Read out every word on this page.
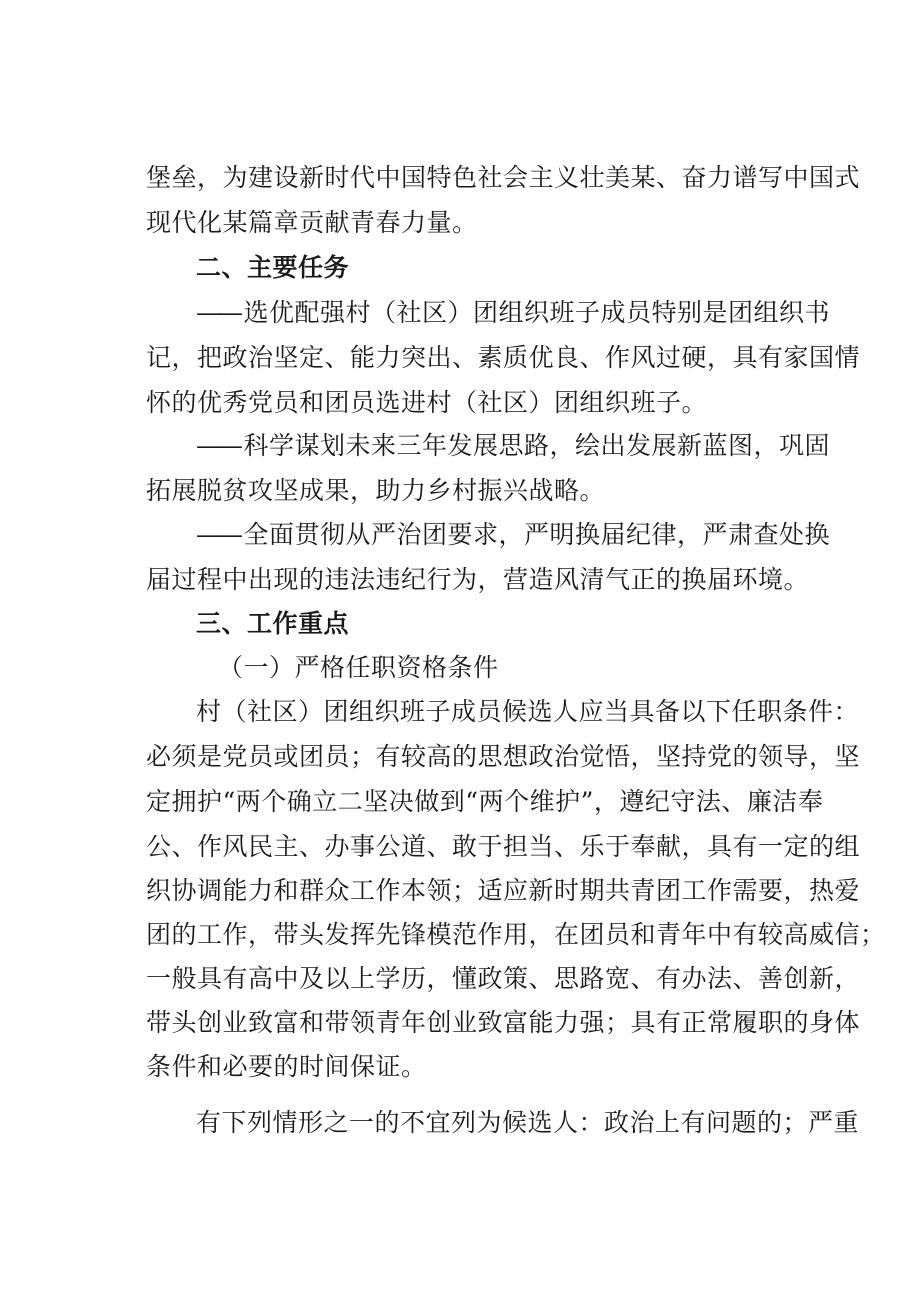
堡垒，为建设新时代中国特色社会主义壮美某、奋力谱写中国式
现代化某篇章贡献青春力量。
二、主要任务
——选优配强村（社区）团组织班子成员特别是团组织书
记，把政治坚定、能力突出、素质优良、作风过硬，具有家国情
怀的优秀党员和团员选进村（社区）团组织班子。
——科学谋划未来三年发展思路，绘出发展新蓝图，巩固
拓展脱贫攻坚成果，助力乡村振兴战略。
——全面贯彻从严治团要求，严明换届纪律，严肃查处换
届过程中出现的违法违纪行为，营造风清气正的换届环境。
三、工作重点
（一）严格任职资格条件
村（社区）团组织班子成员候选人应当具备以下任职条件：
必须是党员或团员；有较高的思想政治觉悟，坚持党的领导，坚
定拥护“两个确立二坚决做到“两个维护”，遵纪守法、廉洁奉
公、作风民主、办事公道、敢于担当、乐于奉献，具有一定的组
织协调能力和群众工作本领；适应新时期共青团工作需要，热爱
团的工作，带头发挥先锋模范作用，在团员和青年中有较高威信；
一般具有高中及以上学历，懂政策、思路宽、有办法、善创新，
带头创业致富和带领青年创业致富能力强；具有正常履职的身体
条件和必要的时间保证。
有下列情形之一的不宜列为候选人：政治上有问题的；严重
